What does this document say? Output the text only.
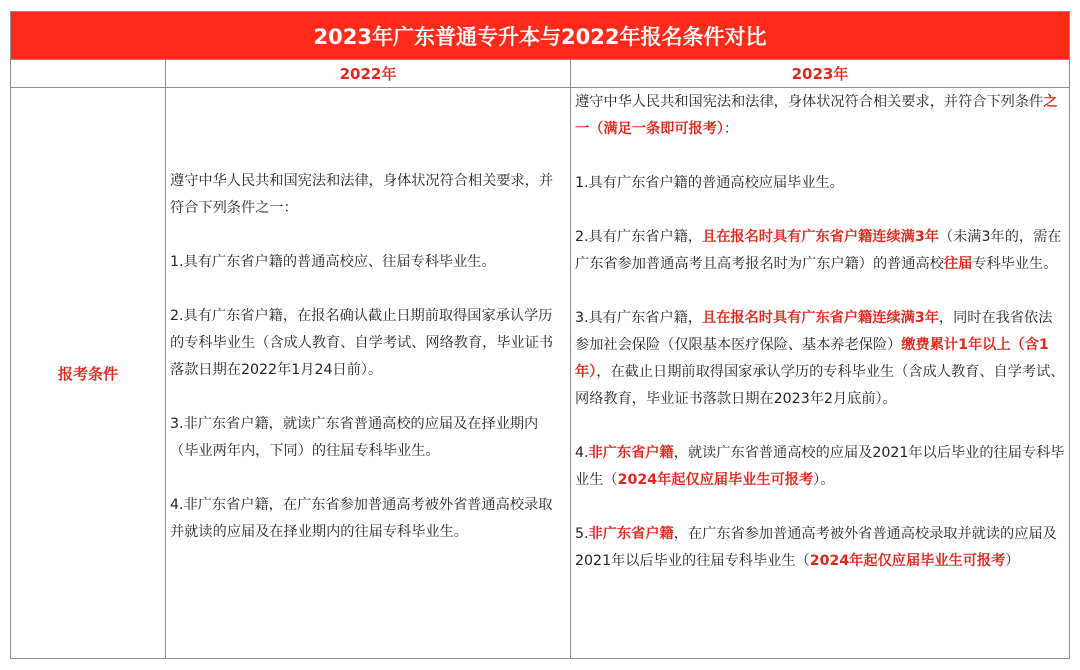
2023年广东普通专升本与2022年报名条件对比
2022年	2023年
报考条件

遵守中华人民共和国宪法和法律，身体状况符合相关要求，并符合下列条件之一：

1.具有广东省户籍的普通高校应、往届专科毕业生。

2.具有广东省户籍，在报名确认截止日期前取得国家承认学历的专科毕业生（含成人教育、自学考试、网络教育，毕业证书落款日期在2022年1月24日前）。

3.非广东省户籍，就读广东省普通高校的应届及在择业期内（毕业两年内，下同）的往届专科毕业生。

4.非广东省户籍，在广东省参加普通高考被外省普通高校录取并就读的应届及在择业期内的往届专科毕业生。

遵守中华人民共和国宪法和法律，身体状况符合相关要求，并符合下列条件之一（满足一条即可报考）：

1.具有广东省户籍的普通高校应届毕业生。

2.具有广东省户籍，且在报名时具有广东省户籍连续满3年（未满3年的，需在广东省参加普通高考且高考报名时为广东户籍）的普通高校往届专科毕业生。

3.具有广东省户籍，且在报名时具有广东省户籍连续满3年，同时在我省依法参加社会保险（仅限基本医疗保险、基本养老保险）缴费累计1年以上（含1年），在截止日期前取得国家承认学历的专科毕业生（含成人教育、自学考试、网络教育，毕业证书落款日期在2023年2月底前）。

4.非广东省户籍，就读广东省普通高校的应届及2021年以后毕业的往届专科毕业生（2024年起仅应届毕业生可报考）。

5.非广东省户籍，在广东省参加普通高考被外省普通高校录取并就读的应届及2021年以后毕业的往届专科毕业生（2024年起仅应届毕业生可报考）
